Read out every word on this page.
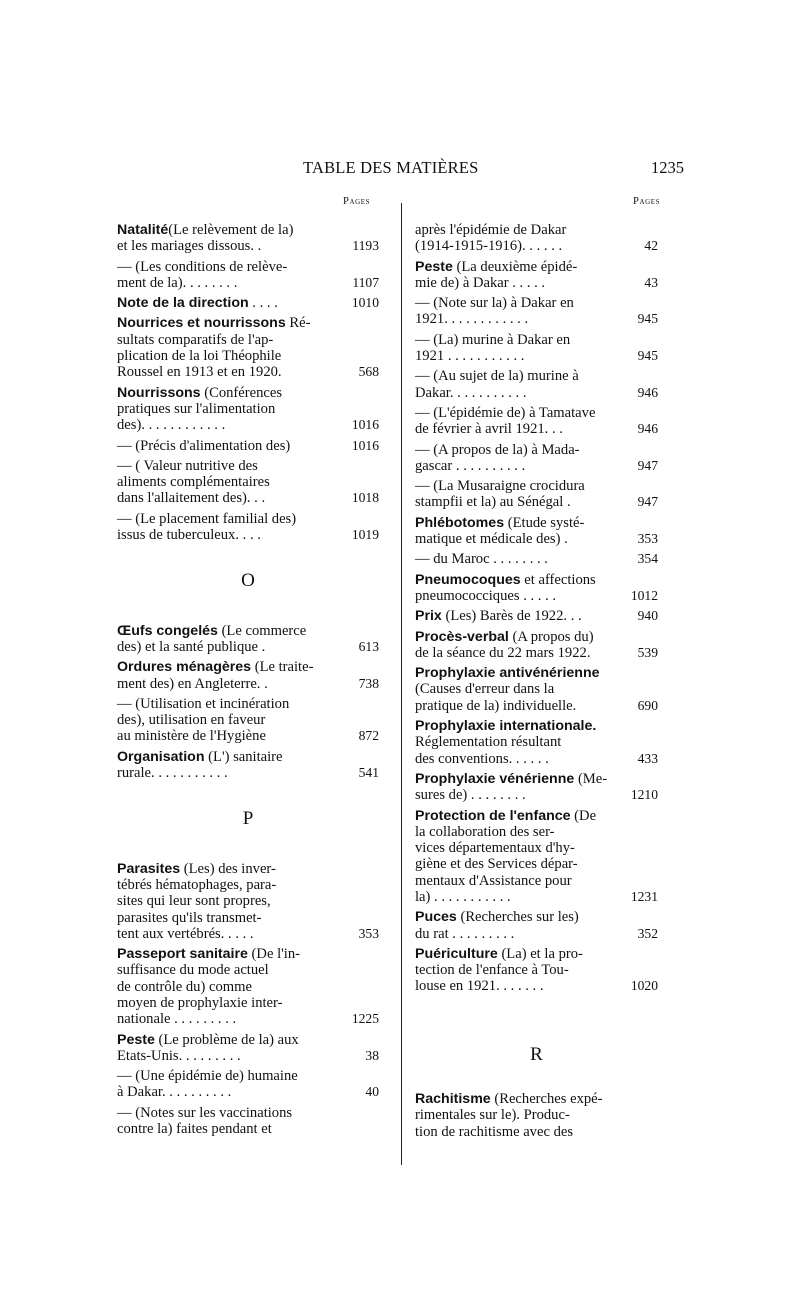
TABLE DES MATIÈRES	1235
Pages	Pages
Natalité(Le relèvement de la)
et les mariages dissous. .	1193
— (Les conditions de relève-
ment de la). . . . . . . .	1107
Note de la direction . . . .	1010
Nourrices et nourrissons Ré-
sultats comparatifs de l'ap-
plication de la loi Théophile
Roussel en 1913 et en 1920.	568
Nourrissons (Conférences
pratiques sur l'alimentation
des). . . . . . . . . . . .	1016
— (Précis d'alimentation des)	1016
— ( Valeur nutritive des
aliments complémentaires
dans l'allaitement des). . .	1018
— (Le placement familial des)
issus de tuberculeux. . . .	1019
O
Œufs congelés (Le commerce
des) et la santé publique .	613
Ordures ménagères (Le traite-
ment des) en Angleterre. .	738
— (Utilisation et incinération
des), utilisation en faveur
au ministère de l'Hygiène	872
Organisation (L') sanitaire
rurale. . . . . . . . . . .	541
P
Parasites (Les) des inver-
tébrés hématophages, para-
sites qui leur sont propres,
parasites qu'ils transmet-
tent aux vertébrés. . . . .	353
Passeport sanitaire (De l'in-
suffisance du mode actuel
de contrôle du) comme
moyen de prophylaxie inter-
nationale . . . . . . . . .	1225
Peste (Le problème de la) aux
Etats-Unis. . . . . . . . .	38
— (Une épidémie de) humaine
à Dakar. . . . . . . . . .	40
— (Notes sur les vaccinations
contre la) faites pendant et
après l'épidémie de Dakar
(1914-1915-1916). . . . . .	42
Peste (La deuxième épidé-
mie de) à Dakar . . . . .	43
— (Note sur la) à Dakar en
1921. . . . . . . . . . . .	945
— (La) murine à Dakar en
1921 . . . . . . . . . . .	945
— (Au sujet de la) murine à
Dakar. . . . . . . . . . .	946
— (L'épidémie de) à Tamatave
de février à avril 1921. . .	946
— (A propos de la) à Mada-
gascar . . . . . . . . . .	947
— (La Musaraigne crocidura
stampfii et la) au Sénégal .	947
Phlébotomes (Etude systé-
matique et médicale des) .	353
— du Maroc . . . . . . . .	354
Pneumocoques et affections
pneumococciques . . . . .	1012
Prix (Les) Barès de 1922. . .	940
Procès-verbal (A propos du)
de la séance du 22 mars 1922.	539
Prophylaxie antivénérienne
(Causes d'erreur dans la
pratique de la) individuelle.	690
Prophylaxie internationale.
Réglementation résultant
des conventions. . . . . .	433
Prophylaxie vénérienne (Me-
sures de) . . . . . . . .	1210
Protection de l'enfance (De
la collaboration des ser-
vices départementaux d'hy-
giène et des Services dépar-
mentaux d'Assistance pour
la) . . . . . . . . . . .	1231
Puces (Recherches sur les)
du rat . . . . . . . . .	352
Puériculture (La) et la pro-
tection de l'enfance à Tou-
louse en 1921. . . . . . .	1020
R
Rachitisme (Recherches expé-
rimentales sur le). Produc-
tion de rachitisme avec des
